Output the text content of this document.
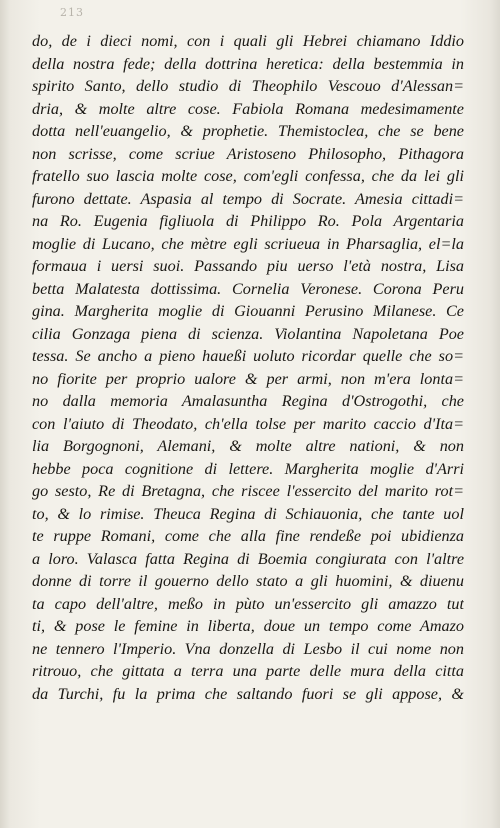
213
do, de i dieci nomi, con i quali gli Hebrei chiamano Iddio
della nostra fede; della dottrina heretica: della bestemmia in
spirito Santo, dello studio di Theophilo Vescouo d'Alessan=
dria, & molte altre cose. Fabiola Romana medesimamente
dotta nell'euangelio, & prophetie. Themistoclea, che se bene
non scrisse, come scriue Aristoseno Philosopho, Pithagora
fratello suo lascia molte cose, com'egli confessa, che da lei gli
furono dettate. Aspasia al tempo di Socrate. Amesia cittadi=
na Ro. Eugenia figliuola di Philippo Ro. Pola Argentaria
moglie di Lucano, che mètre egli scriueua in Pharsaglia, el=la
formaua i uersi suoi. Passando piu uerso l'età nostra, Lisa
betta Malatesta dottissima. Cornelia Veronese. Corona Peru
gina. Margherita moglie di Giouanni Perusino Milanese. Ce
cilia Gonzaga piena di scienza. Violantina Napoletana Poe
tessa. Se ancho a pieno haueßi uoluto ricordar quelle che so=
no fiorite per proprio ualore & per armi, non m'era lonta=
no dalla memoria Amalasuntha Regina d'Ostrogothi, che
con l'aiuto di Theodato, ch'ella tolse per marito caccio d'Ita=
lia Borgognoni, Alemani, & molte altre nationi, & non
hebbe poca cognitione di lettere. Margherita moglie d'Arri
go sesto, Re di Bretagna, che riscee l'essercito del marito rot=
to, & lo rimise. Theuca Regina di Schiauonia, che tante uol
te ruppe Romani, come che alla fine rendeße poi ubidienza
a loro. Valasca fatta Regina di Boemia congiurata con l'altre
donne di torre il gouerno dello stato a gli huomini, & diuenu
ta capo dell'altre, meßo in pùto un'essercito gli amazzo tut
ti, & pose le femine in liberta, doue un tempo come Amazo
ne tennero l'Imperio. Vna donzella di Lesbo il cui nome non
ritrouo, che gittata a terra una parte delle mura della citta
da Turchi, fu la prima che saltando fuori se gli appose, &
